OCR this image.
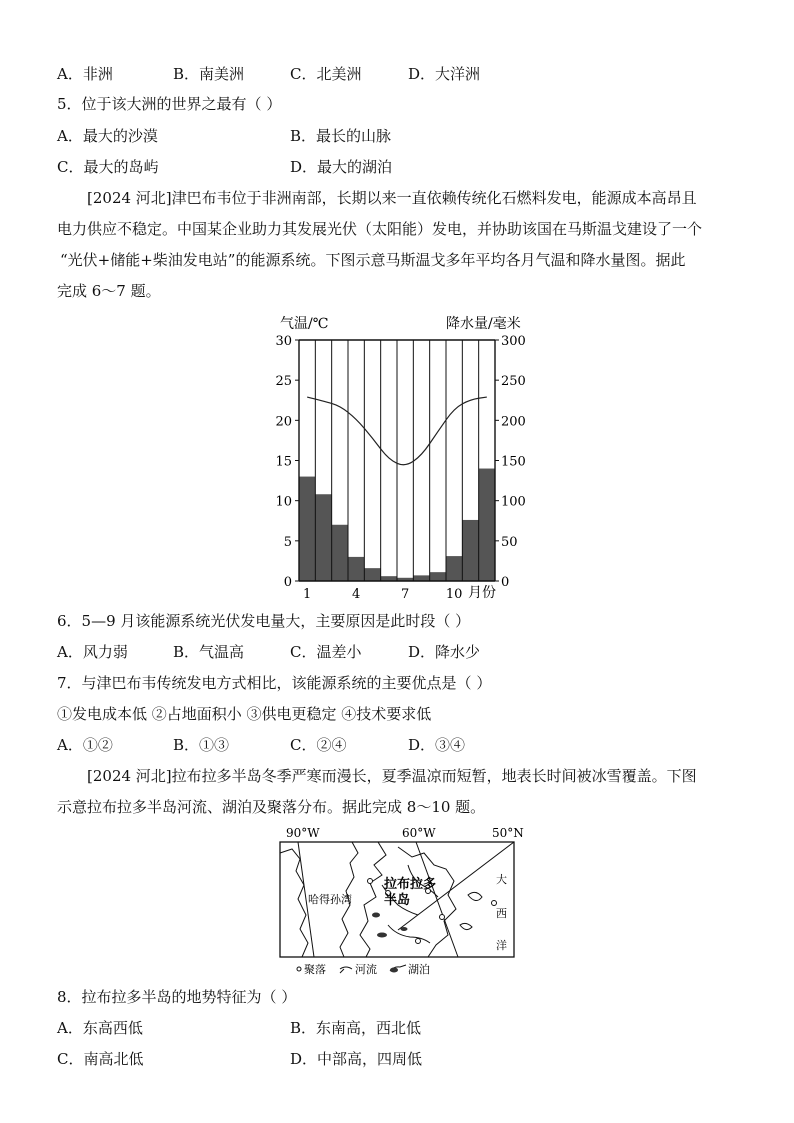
A．非洲	B．南美洲	C．北美洲	D．大洋洲
5．位于该大洲的世界之最有（ ）
A．最大的沙漠	B．最长的山脉
C．最大的岛屿	D．最大的湖泊
[2024 河北]津巴布韦位于非洲南部，长期以来一直依赖传统化石燃料发电，能源成本高昂且
电力供应不稳定。中国某企业助力其发展光伏（太阳能）发电，并协助该国在马斯温戈建设了一个
“光伏+储能+柴油发电站”的能源系统。下图示意马斯温戈多年平均各月气温和降水量图。据此
完成 6～7 题。
气温/℃	降水量/毫米
0
5
10
15
20
25
30
0
50
100
150
200
250
300
1	4	7	10 月份
6．5—9 月该能源系统光伏发电量大，主要原因是此时段（ ）
A．风力弱	B．气温高	C．温差小	D．降水少
7．与津巴布韦传统发电方式相比，该能源系统的主要优点是（ ）
①发电成本低 ②占地面积小 ③供电更稳定 ④技术要求低
A．①②	B．①③	C．②④	D．③④
[2024 河北]拉布拉多半岛冬季严寒而漫长，夏季温凉而短暂，地表长时间被冰雪覆盖。下图
示意拉布拉多半岛河流、湖泊及聚落分布。据此完成 8～10 题。
90°W	60°W	50°N
哈得孙湾
拉布拉多
半岛
大
西
洋
聚落	河流	湖泊
8．拉布拉多半岛的地势特征为（ ）
A．东高西低	B．东南高，西北低
C．南高北低	D．中部高，四周低
